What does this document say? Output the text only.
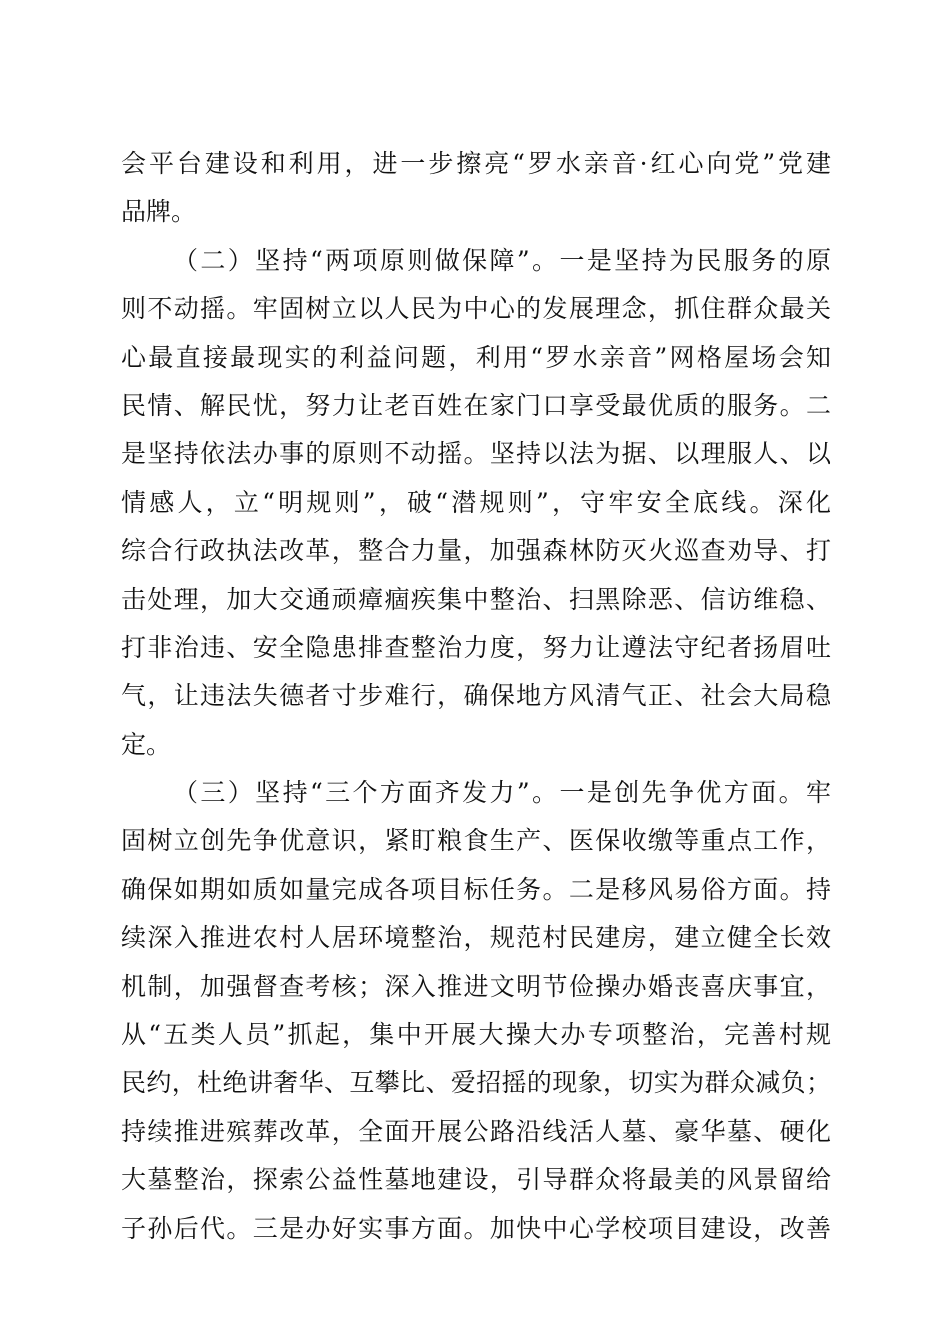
会平台建设和利用，进一步擦亮“罗水亲音·红心向党”党建
品牌。
（二）坚持“两项原则做保障”。一是坚持为民服务的原
则不动摇。牢固树立以人民为中心的发展理念，抓住群众最关
心最直接最现实的利益问题，利用“罗水亲音”网格屋场会知
民情、解民忧，努力让老百姓在家门口享受最优质的服务。二
是坚持依法办事的原则不动摇。坚持以法为据、以理服人、以
情感人，立“明规则”，破“潜规则”，守牢安全底线。深化
综合行政执法改革，整合力量，加强森林防灭火巡查劝导、打
击处理，加大交通顽瘴痼疾集中整治、扫黑除恶、信访维稳、
打非治违、安全隐患排查整治力度，努力让遵法守纪者扬眉吐
气，让违法失德者寸步难行，确保地方风清气正、社会大局稳
定。
（三）坚持“三个方面齐发力”。一是创先争优方面。牢
固树立创先争优意识，紧盯粮食生产、医保收缴等重点工作，
确保如期如质如量完成各项目标任务。二是移风易俗方面。持
续深入推进农村人居环境整治，规范村民建房，建立健全长效
机制，加强督查考核；深入推进文明节俭操办婚丧喜庆事宜，
从“五类人员”抓起，集中开展大操大办专项整治，完善村规
民约，杜绝讲奢华、互攀比、爱招摇的现象，切实为群众减负；
持续推进殡葬改革，全面开展公路沿线活人墓、豪华墓、硬化
大墓整治，探索公益性墓地建设，引导群众将最美的风景留给
子孙后代。三是办好实事方面。加快中心学校项目建设，改善
